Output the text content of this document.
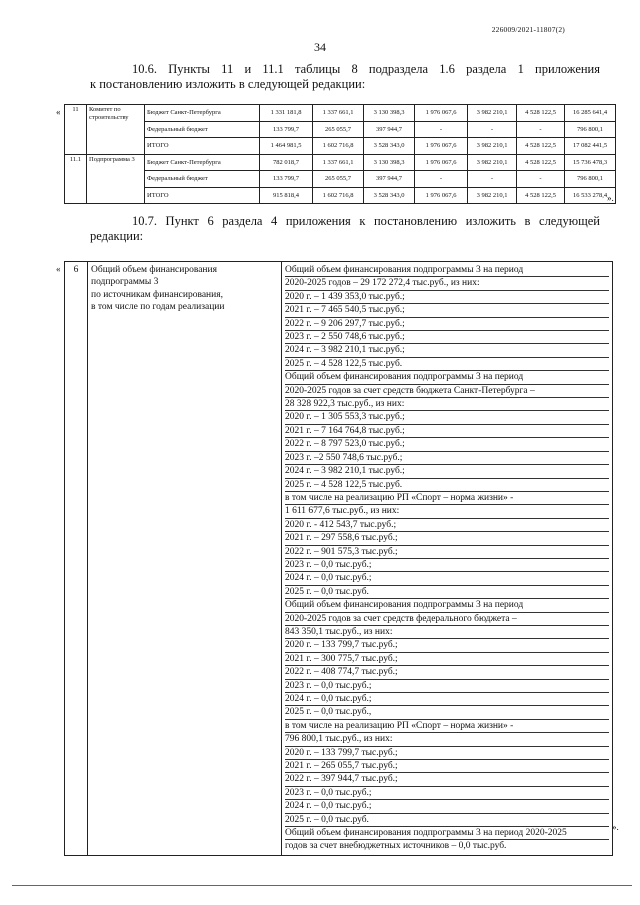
226009/2021-11807(2)
34
10.6. Пункты 11 и 11.1 таблицы 8 подраздела 1.6 раздела 1 приложения
к постановлению изложить в следующей редакции:
« 11	Комитет по строительству	Бюджет Санкт-Петербурга	1 331 181,8	1 337 661,1	3 130 398,3	1 976 067,6	3 982 210,1	4 528 122,5	16 285 641,4
		Федеральный бюджет	133 799,7	265 055,7	397 944,7	-	-	-	796 800,1
		ИТОГО	1 464 981,5	1 602 716,8	3 528 343,0	1 976 067,6	3 982 210,1	4 528 122,5	17 082 441,5
11.1	Подпрограмма 3	Бюджет Санкт-Петербурга	782 018,7	1 337 661,1	3 130 398,3	1 976 067,6	3 982 210,1	4 528 122,5	15 736 478,3
		Федеральный бюджет	133 799,7	265 055,7	397 944,7	-	-	-	796 800,1
		ИТОГО	915 818,4	1 602 716,8	3 528 343,0	1 976 067,6	3 982 210,1	4 528 122,5	16 533 278,4 ».
10.7. Пункт 6 раздела 4 приложения к постановлению изложить в следующей
редакции:
« 6	Общий объем финансирования
подпрограммы 3
по источникам финансирования,
в том числе по годам реализации

Общий объем финансирования подпрограммы 3 на период
2020-2025 годов – 29 172 272,4 тыс.руб., из них:
2020 г. – 1 439 353,0 тыс.руб.;
2021 г. – 7 465 540,5 тыс.руб.;
2022 г. – 9 206 297,7 тыс.руб.;
2023 г. – 2 550 748,6 тыс.руб.;
2024 г. – 3 982 210,1 тыс.руб.;
2025 г. – 4 528 122,5 тыс.руб.
Общий объем финансирования подпрограммы 3 на период
2020-2025 годов за счет средств бюджета Санкт-Петербурга –
28 328 922,3 тыс.руб., из них:
2020 г. – 1 305 553,3 тыс.руб.;
2021 г. – 7 164 764,8 тыс.руб.;
2022 г. – 8 797 523,0 тыс.руб.;
2023 г. –2 550 748,6 тыс.руб.;
2024 г. – 3 982 210,1 тыс.руб.;
2025 г. – 4 528 122,5 тыс.руб.
в том числе на реализацию РП «Спорт – норма жизни» -
1 611 677,6 тыс.руб., из них:
2020 г. - 412 543,7 тыс.руб.;
2021 г. – 297 558,6 тыс.руб.;
2022 г. – 901 575,3 тыс.руб.;
2023 г. – 0,0 тыс.руб.;
2024 г. – 0,0 тыс.руб.;
2025 г. – 0,0 тыс.руб.
Общий объем финансирования подпрограммы 3 на период
2020-2025 годов за счет средств федерального бюджета –
843 350,1 тыс.руб., из них:
2020 г. – 133 799,7 тыс.руб.;
2021 г. – 300 775,7 тыс.руб.;
2022 г. – 408 774,7 тыс.руб.;
2023 г. – 0,0 тыс.руб.;
2024 г. – 0,0 тыс.руб.;
2025 г. – 0,0 тыс.руб.,
в том числе на реализацию РП «Спорт – норма жизни» -
796 800,1 тыс.руб., из них:
2020 г. – 133 799,7 тыс.руб.;
2021 г. – 265 055,7 тыс.руб.;
2022 г. – 397 944,7 тыс.руб.;
2023 г. – 0,0 тыс.руб.;
2024 г. – 0,0 тыс.руб.;
2025 г. – 0,0 тыс.руб.
Общий объем финансирования подпрограммы 3 на период 2020-2025
годов за счет внебюджетных источников – 0,0 тыс.руб.
».
